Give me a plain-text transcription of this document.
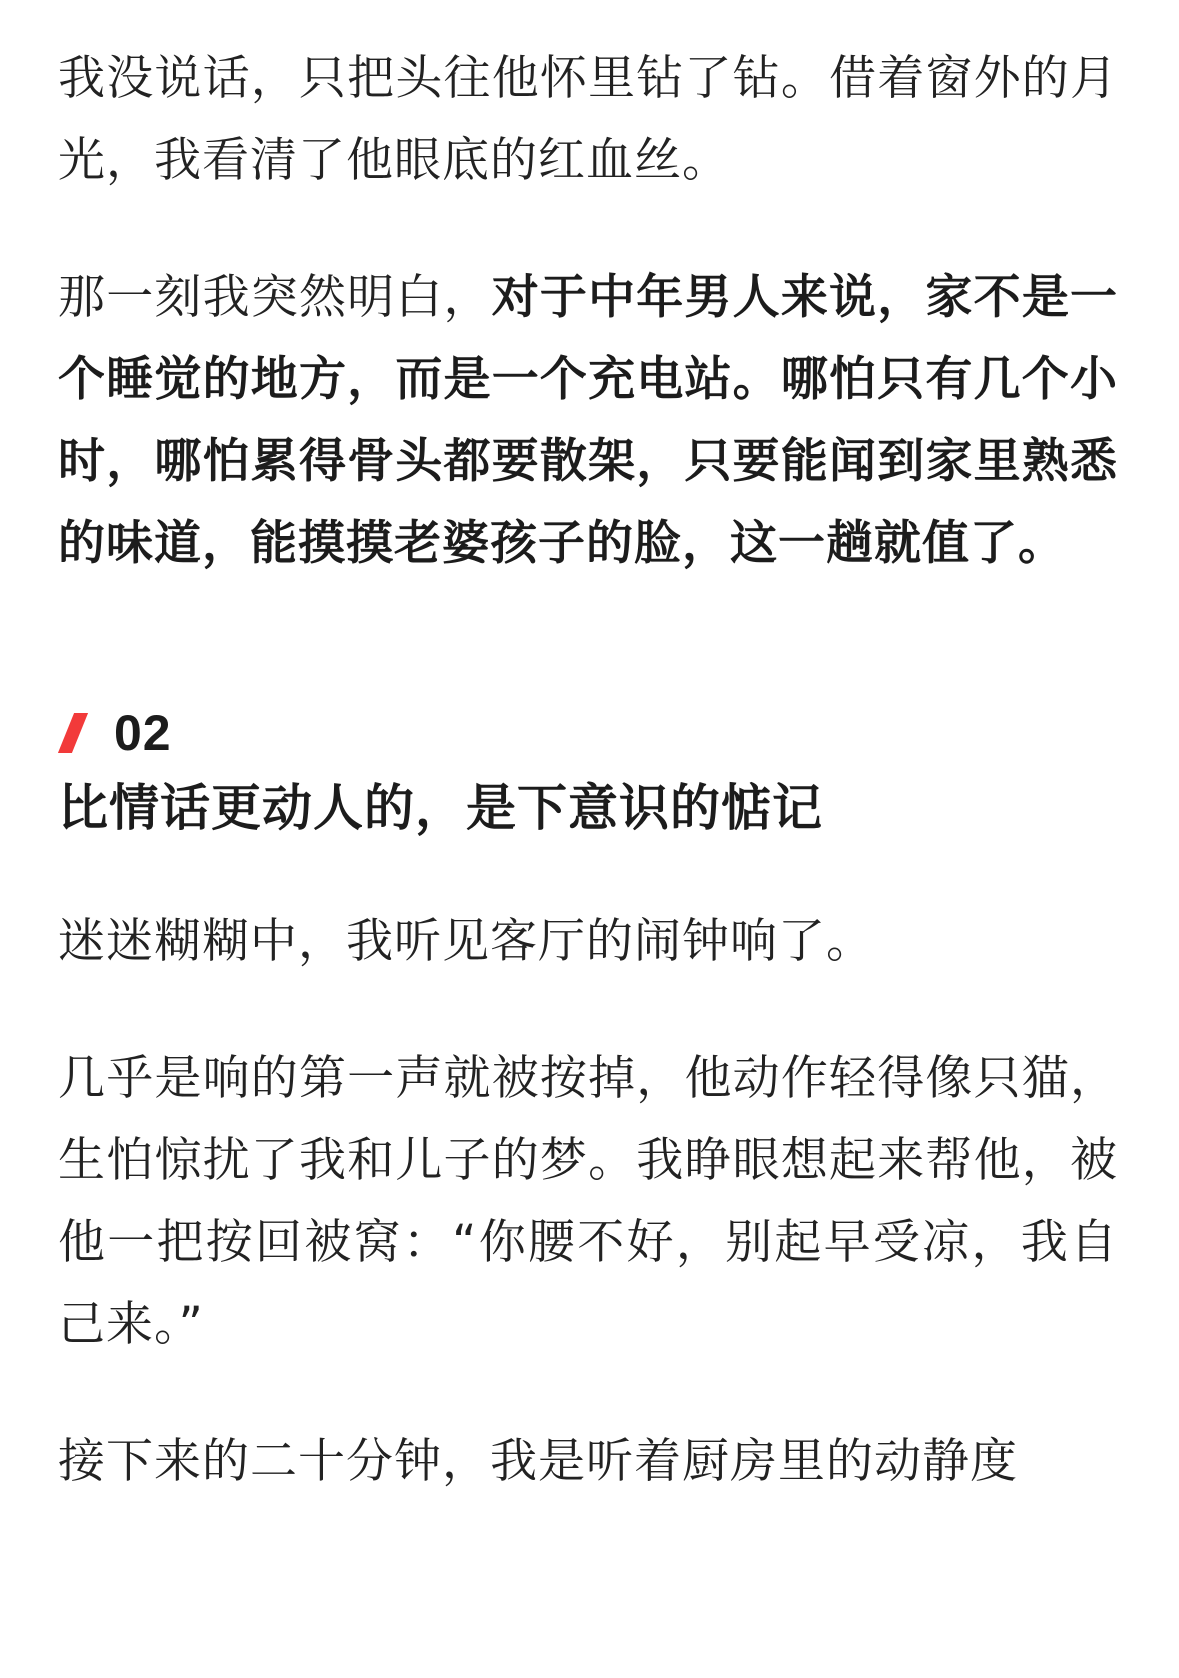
我没说话，只把头往他怀里钻了钻。借着窗外的月光，我看清了他眼底的红血丝。

那一刻我突然明白，对于中年男人来说，家不是一个睡觉的地方，而是一个充电站。哪怕只有几个小时，哪怕累得骨头都要散架，只要能闻到家里熟悉的味道，能摸摸老婆孩子的脸，这一趟就值了。

02
比情话更动人的，是下意识的惦记

迷迷糊糊中，我听见客厅的闹钟响了。

几乎是响的第一声就被按掉，他动作轻得像只猫，生怕惊扰了我和儿子的梦。我睁眼想起来帮他，被他一把按回被窝：“你腰不好，别起早受凉，我自己来。”

接下来的二十分钟，我是听着厨房里的动静度
